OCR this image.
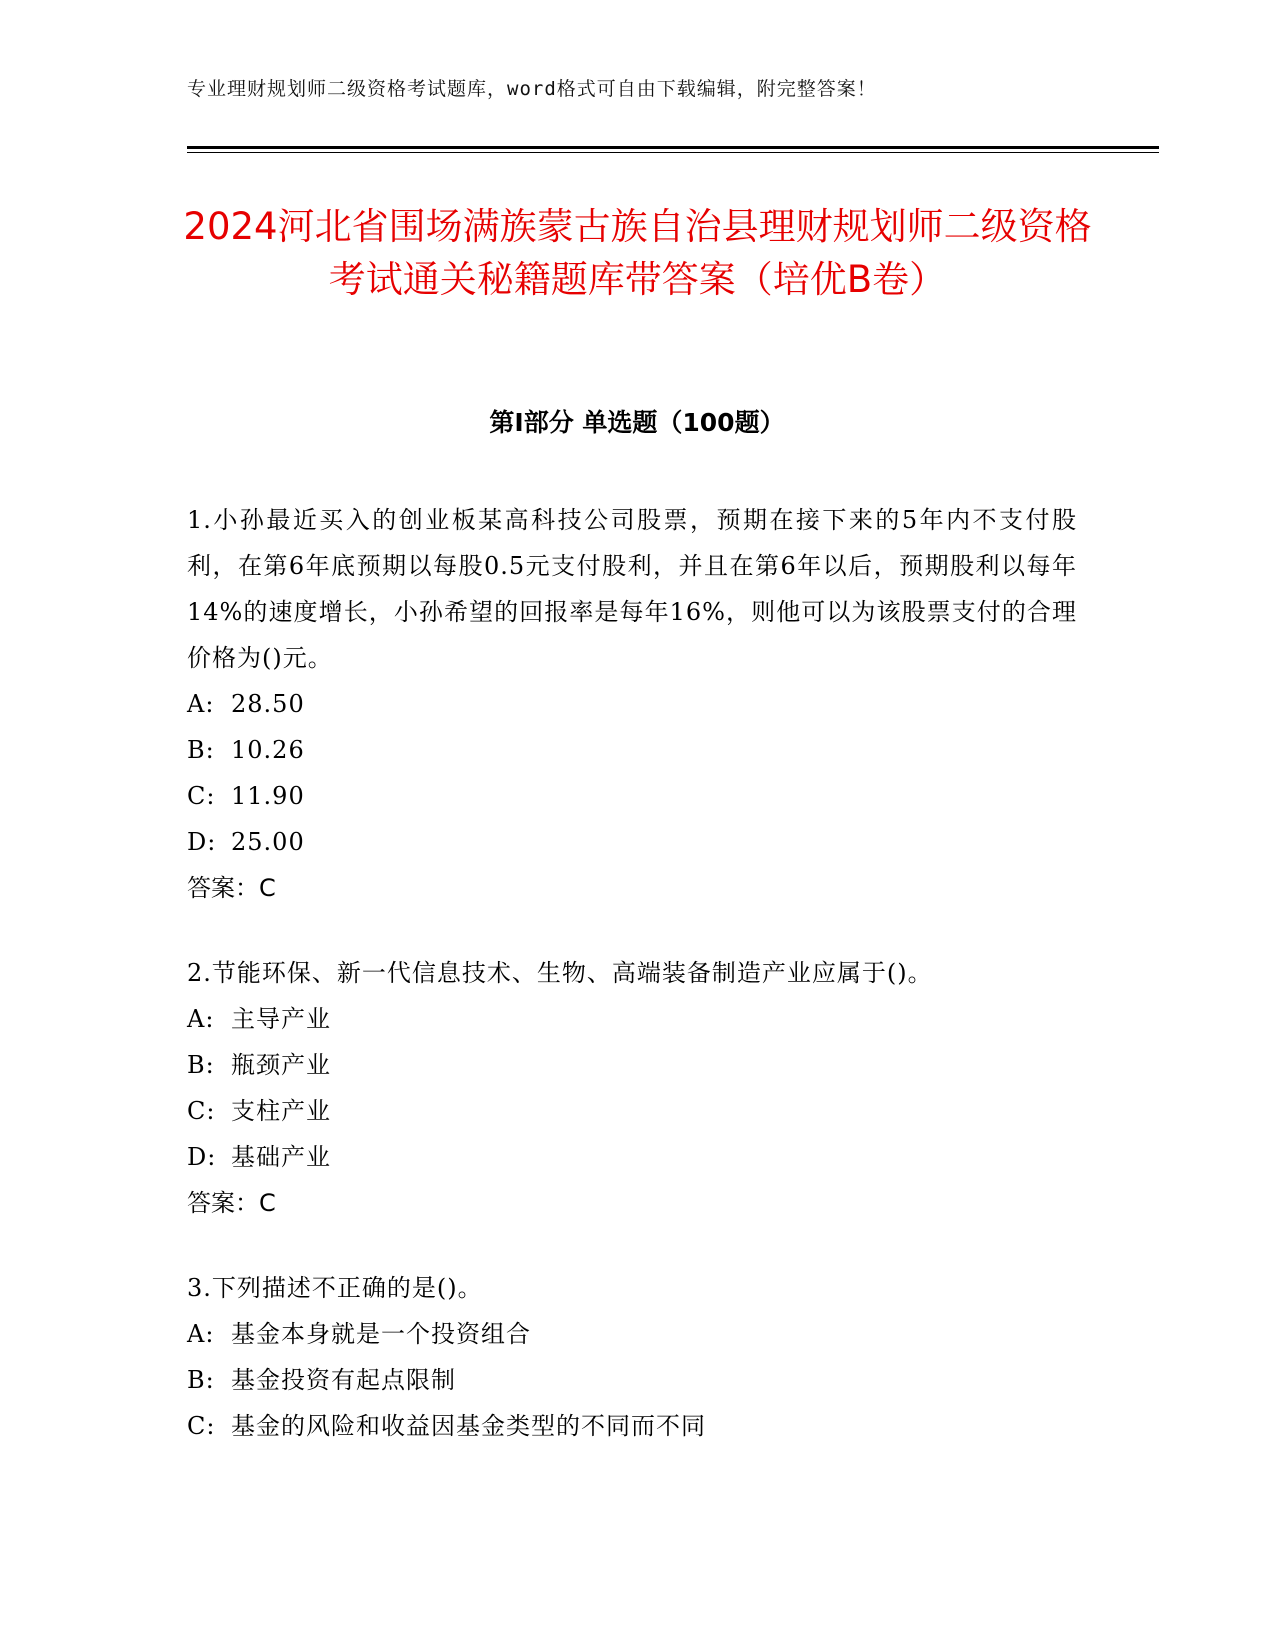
专业理财规划师二级资格考试题库，word格式可自由下载编辑，附完整答案！
2024河北省围场满族蒙古族自治县理财规划师二级资格考试通关秘籍题库带答案（培优B卷）
第I部分 单选题（100题）

1.小孙最近买入的创业板某高科技公司股票，预期在接下来的5年内不支付股利，在第6年底预期以每股0.5元支付股利，并且在第6年以后，预期股利以每年14%的速度增长，小孙希望的回报率是每年16%，则他可以为该股票支付的合理价格为()元。

A: 28.50
B: 10.26
C: 11.90
D: 25.00
答案：C

2.节能环保、新一代信息技术、生物、高端装备制造产业应属于()。

A: 主导产业
B: 瓶颈产业
C: 支柱产业
D: 基础产业
答案：C

3.下列描述不正确的是()。

A: 基金本身就是一个投资组合
B: 基金投资有起点限制
C: 基金的风险和收益因基金类型的不同而不同
